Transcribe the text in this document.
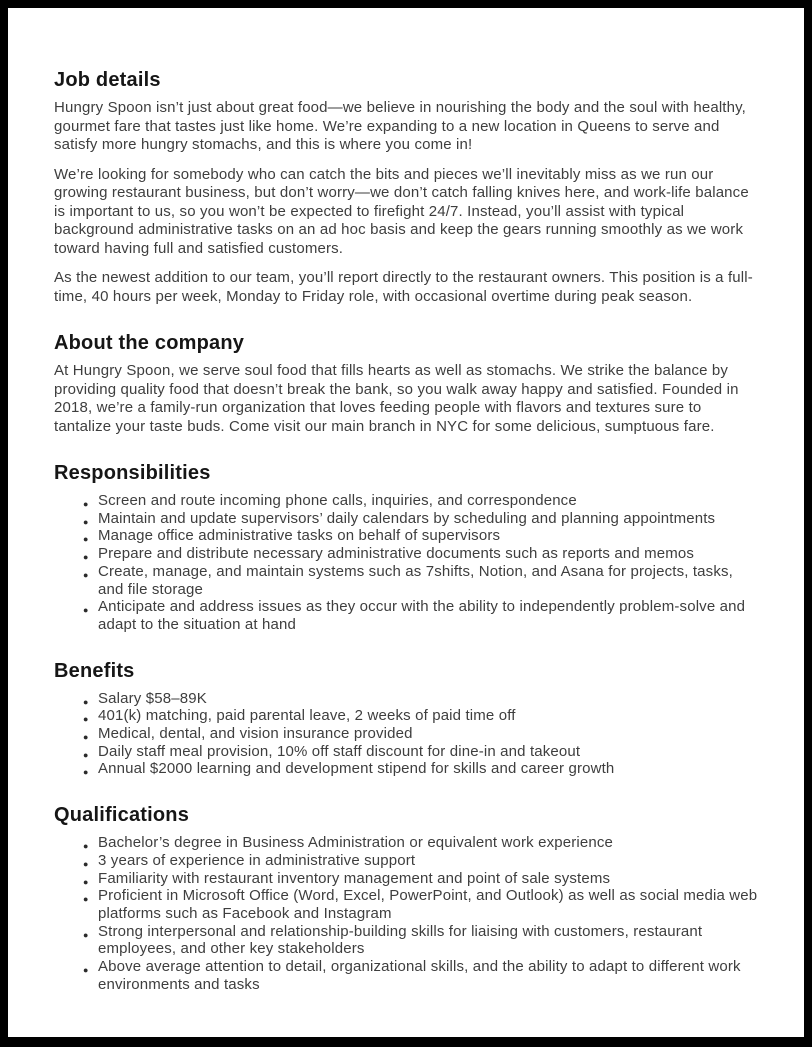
Job details

Hungry Spoon isn’t just about great food—we believe in nourishing the body and the soul with healthy, gourmet fare that tastes just like home. We’re expanding to a new location in Queens to serve and satisfy more hungry stomachs, and this is where you come in!

We’re looking for somebody who can catch the bits and pieces we’ll inevitably miss as we run our growing restaurant business, but don’t worry—we don’t catch falling knives here, and work-life balance is important to us, so you won’t be expected to firefight 24/7. Instead, you’ll assist with typical background administrative tasks on an ad hoc basis and keep the gears running smoothly as we work toward having full and satisfied customers.

As the newest addition to our team, you’ll report directly to the restaurant owners. This position is a full-time, 40 hours per week, Monday to Friday role, with occasional overtime during peak season.

About the company

At Hungry Spoon, we serve soul food that fills hearts as well as stomachs. We strike the balance by providing quality food that doesn’t break the bank, so you walk away happy and satisfied. Founded in 2018, we’re a family-run organization that loves feeding people with flavors and textures sure to tantalize your taste buds. Come visit our main branch in NYC for some delicious, sumptuous fare.

Responsibilities
● Screen and route incoming phone calls, inquiries, and correspondence
● Maintain and update supervisors’ daily calendars by scheduling and planning appointments
● Manage office administrative tasks on behalf of supervisors
● Prepare and distribute necessary administrative documents such as reports and memos
● Create, manage, and maintain systems such as 7shifts, Notion, and Asana for projects, tasks, and file storage
● Anticipate and address issues as they occur with the ability to independently problem-solve and adapt to the situation at hand
Benefits
● Salary $58–89K
● 401(k) matching, paid parental leave, 2 weeks of paid time off
● Medical, dental, and vision insurance provided
● Daily staff meal provision, 10% off staff discount for dine-in and takeout
● Annual $2000 learning and development stipend for skills and career growth
Qualifications
● Bachelor’s degree in Business Administration or equivalent work experience
● 3 years of experience in administrative support
● Familiarity with restaurant inventory management and point of sale systems
● Proficient in Microsoft Office (Word, Excel, PowerPoint, and Outlook) as well as social media web platforms such as Facebook and Instagram
● Strong interpersonal and relationship-building skills for liaising with customers, restaurant employees, and other key stakeholders
● Above average attention to detail, organizational skills, and the ability to adapt to different work environments and tasks
